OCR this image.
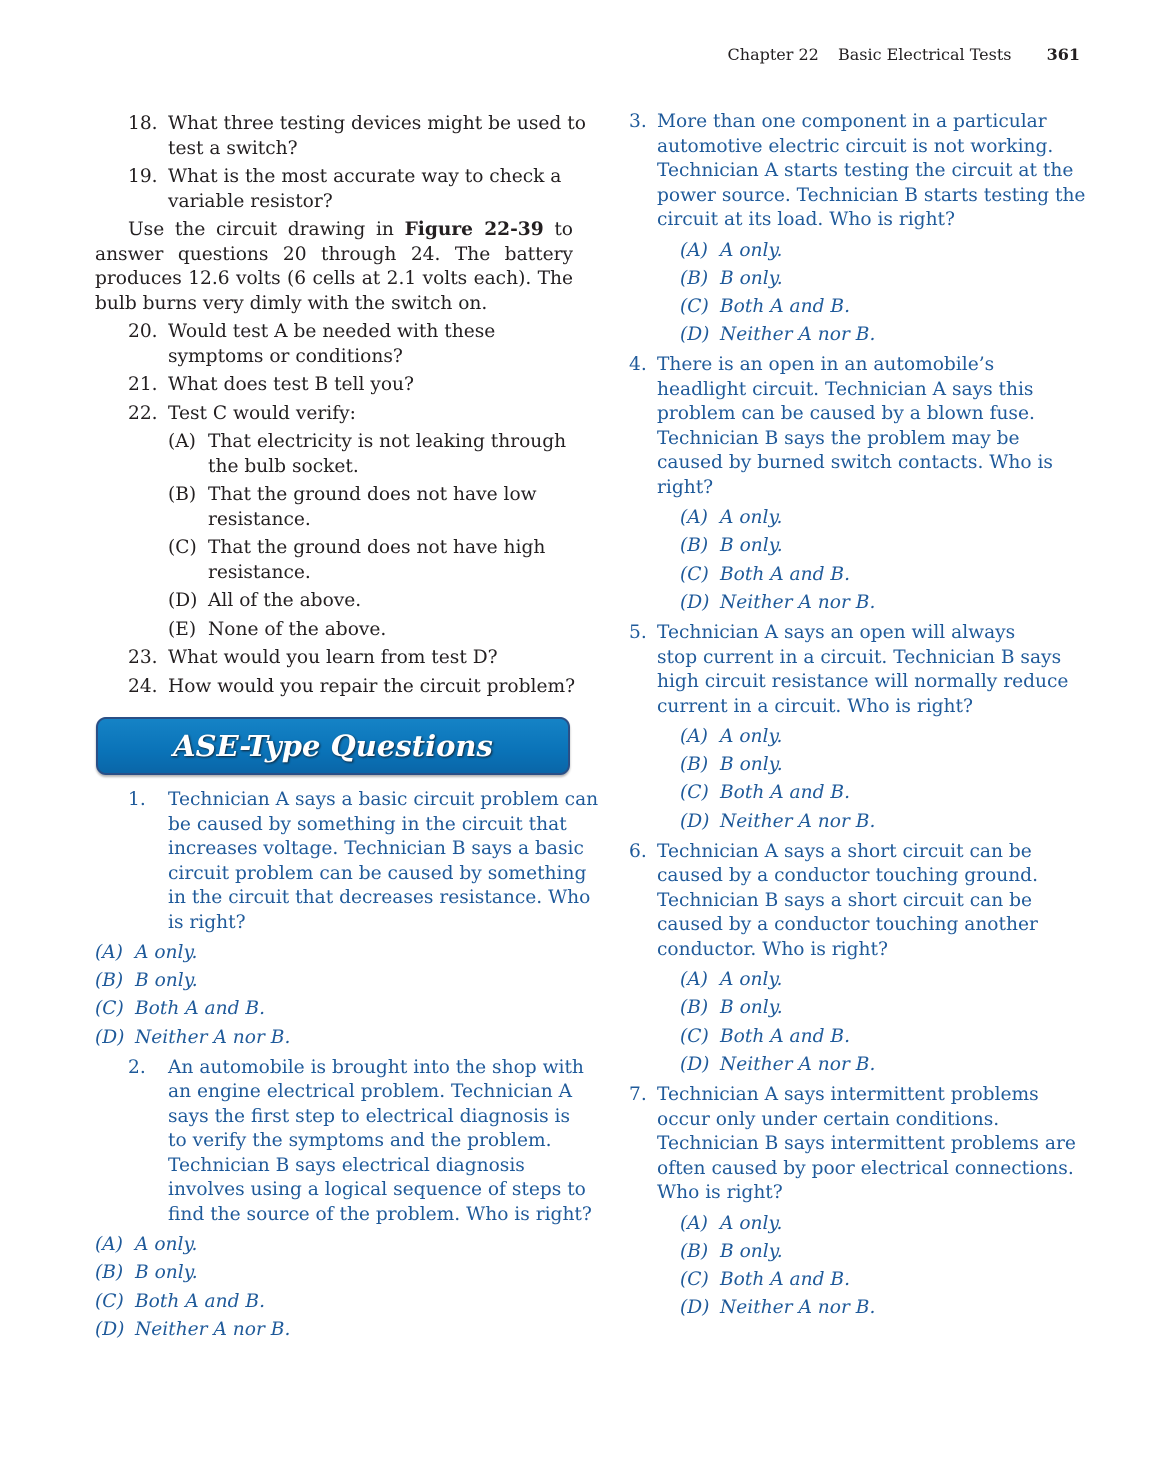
Chapter 22 Basic Electrical Tests 361
18. What three testing devices might be used to
test a switch?
19. What is the most accurate way to check a
variable resistor?
Use the circuit drawing in Figure 22-39 to
answer questions 20 through 24. The battery
produces 12.6 volts (6 cells at 2.1 volts each). The
bulb burns very dimly with the switch on.
20. Would test A be needed with these
symptoms or conditions?
21. What does test B tell you?
22. Test C would verify:
(A) That electricity is not leaking through
the bulb socket.
(B) That the ground does not have low
resistance.
(C) That the ground does not have high
resistance.
(D) All of the above.
(E) None of the above.
23. What would you learn from test D?
24. How would you repair the circuit problem?
ASE-Type Questions
1.	Technician A says a basic circuit problem can
be caused by something in the circuit that
increases voltage. Technician B says a basic
circuit problem can be caused by something
in the circuit that decreases resistance. Who
is right?
(A) A only.
(B) B only.
(C) Both A and B.
(D) Neither A nor B.
2.	An automobile is brought into the shop with
an engine electrical problem. Technician A
says the first step to electrical diagnosis is
to verify the symptoms and the problem.
Technician B says electrical diagnosis
involves using a logical sequence of steps to
find the source of the problem. Who is right?
(A) A only.
(B) B only.
(C) Both A and B.
(D) Neither A nor B.
3. More than one component in a particular
automotive electric circuit is not working.
Technician A starts testing the circuit at the
power source. Technician B starts testing the
circuit at its load. Who is right?
(A) A only.
(B) B only.
(C) Both A and B.
(D) Neither A nor B.
4. There is an open in an automobile’s
headlight circuit. Technician A says this
problem can be caused by a blown fuse.
Technician B says the problem may be
caused by burned switch contacts. Who is
right?
(A) A only.
(B) B only.
(C) Both A and B.
(D) Neither A nor B.
5. Technician A says an open will always
stop current in a circuit. Technician B says
high circuit resistance will normally reduce
current in a circuit. Who is right?
(A) A only.
(B) B only.
(C) Both A and B.
(D) Neither A nor B.
6. Technician A says a short circuit can be
caused by a conductor touching ground.
Technician B says a short circuit can be
caused by a conductor touching another
conductor. Who is right?
(A) A only.
(B) B only.
(C) Both A and B.
(D) Neither A nor B.
7. Technician A says intermittent problems
occur only under certain conditions.
Technician B says intermittent problems are
often caused by poor electrical connections.
Who is right?
(A) A only.
(B) B only.
(C) Both A and B.
(D) Neither A nor B.
